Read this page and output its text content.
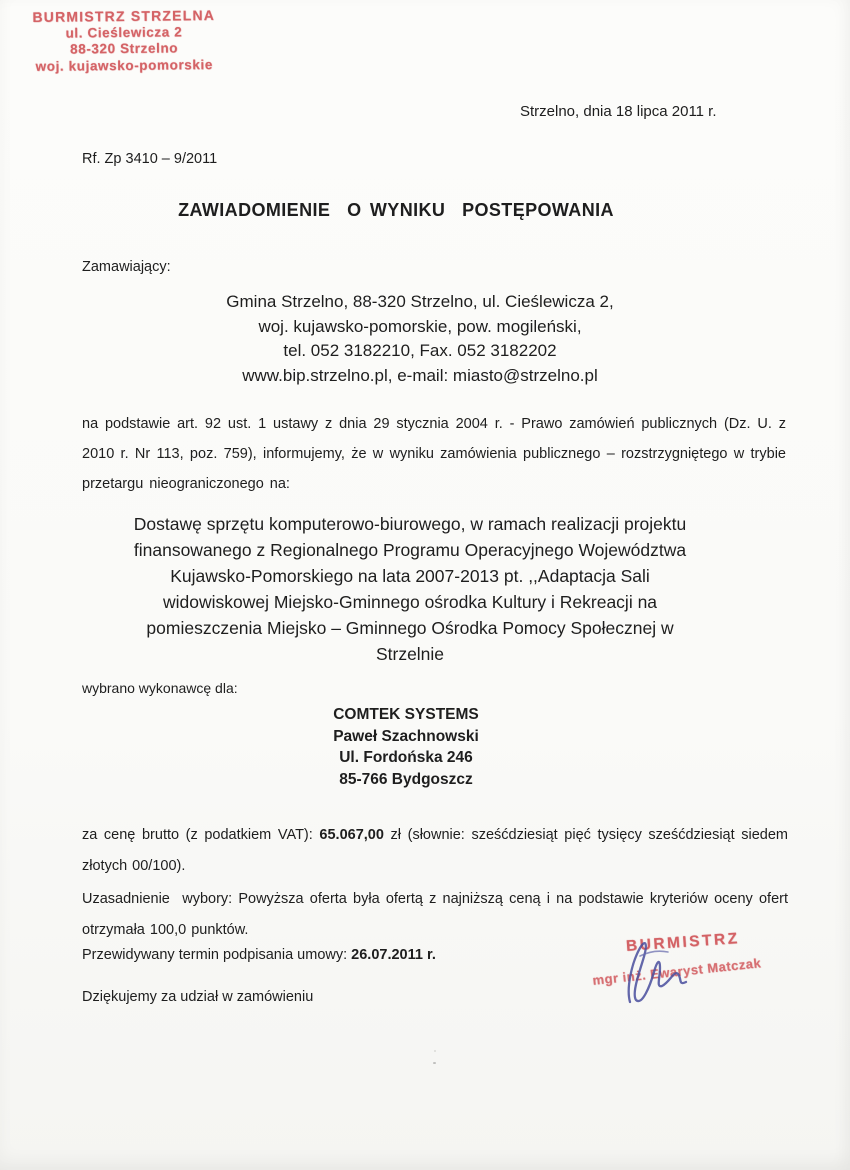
BURMISTRZ STRZELNA
ul. Cieślewicza 2
88-320 Strzelno
woj. kujawsko-pomorskie
Strzelno, dnia 18 lipca 2011 r.
Rf. Zp 3410 – 9/2011
ZAWIADOMIENIE  O WYNIKU  POSTĘPOWANIA
Zamawiający:
Gmina Strzelno, 88-320 Strzelno, ul. Cieślewicza 2,
woj. kujawsko-pomorskie, pow. mogileński,
tel. 052 3182210, Fax. 052 3182202
www.bip.strzelno.pl, e-mail: miasto@strzelno.pl
na podstawie art. 92 ust. 1 ustawy z dnia 29 stycznia 2004 r. - Prawo zamówień publicznych (Dz. U. z 2010 r. Nr 113, poz. 759), informujemy, że w wyniku zamówienia publicznego – rozstrzygniętego w trybie przetargu nieograniczonego na:
Dostawę sprzętu komputerowo-biurowego, w ramach realizacji projektu
finansowanego z Regionalnego Programu Operacyjnego Województwa
Kujawsko-Pomorskiego na lata 2007-2013 pt. ,,Adaptacja Sali
widowiskowej Miejsko-Gminnego ośrodka Kultury i Rekreacji na
pomieszczenia Miejsko – Gminnego Ośrodka Pomocy Społecznej w
Strzelnie
wybrano wykonawcę dla:
COMTEK SYSTEMS
Paweł Szachnowski
Ul. Fordońska 246
85-766 Bydgoszcz
za cenę brutto (z podatkiem VAT): 65.067,00 zł (słownie: sześćdziesiąt pięć tysięcy sześćdziesiąt siedem złotych 00/100).
Uzasadnienie  wybory: Powyższa oferta była ofertą z najniższą ceną i na podstawie kryteriów oceny ofert otrzymała 100,0 punktów.
Przewidywany termin podpisania umowy: 26.07.2011 r.
Dziękujemy za udział w zamówieniu
BURMISTRZ
mgr inż. Ewaryst Matczak
